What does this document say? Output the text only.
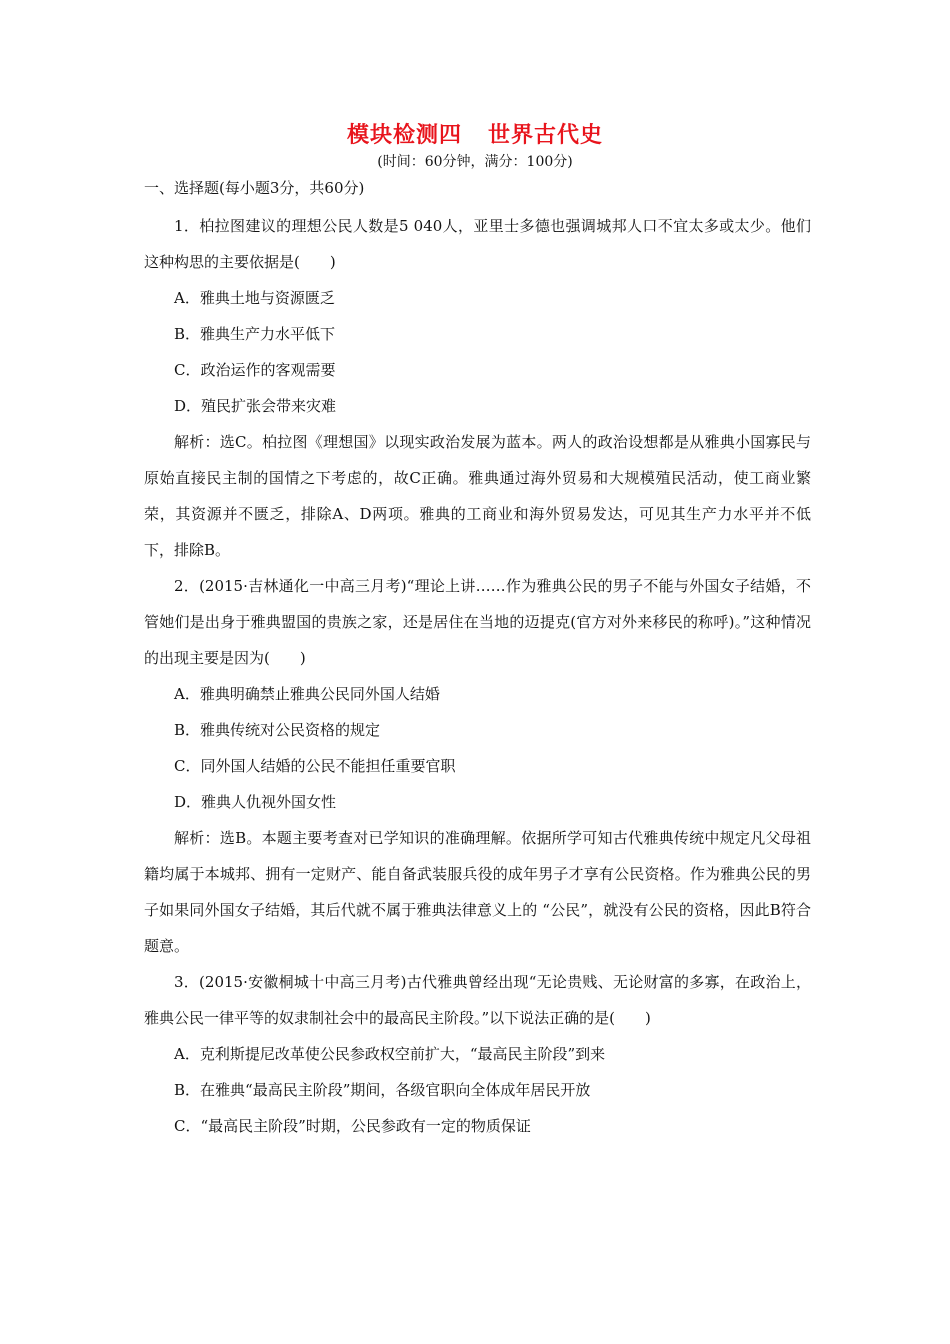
模块检测四 世界古代史
(时间：60分钟，满分：100分)
一、选择题(每小题3分，共60分)

1．柏拉图建议的理想公民人数是5 040人，亚里士多德也强调城邦人口不宜太多或太少。他们这种构思的主要依据是(　　)

A．雅典土地与资源匮乏

B．雅典生产力水平低下

C．政治运作的客观需要

D．殖民扩张会带来灾难

解析：选C。柏拉图《理想国》以现实政治发展为蓝本。两人的政治设想都是从雅典小国寡民与原始直接民主制的国情之下考虑的，故C正确。雅典通过海外贸易和大规模殖民活动，使工商业繁荣，其资源并不匮乏，排除A、D两项。雅典的工商业和海外贸易发达，可见其生产力水平并不低下，排除B。

2．(2015·吉林通化一中高三月考)“理论上讲……作为雅典公民的男子不能与外国女子结婚，不管她们是出身于雅典盟国的贵族之家，还是居住在当地的迈提克(官方对外来移民的称呼)。”这种情况的出现主要是因为(　　)

A．雅典明确禁止雅典公民同外国人结婚

B．雅典传统对公民资格的规定

C．同外国人结婚的公民不能担任重要官职

D．雅典人仇视外国女性

解析：选B。本题主要考查对已学知识的准确理解。依据所学可知古代雅典传统中规定凡父母祖籍均属于本城邦、拥有一定财产、能自备武装服兵役的成年男子才享有公民资格。作为雅典公民的男子如果同外国女子结婚，其后代就不属于雅典法律意义上的 “公民”，就没有公民的资格，因此B符合题意。

3．(2015·安徽桐城十中高三月考)古代雅典曾经出现“无论贵贱、无论财富的多寡，在政治上，雅典公民一律平等的奴隶制社会中的最高民主阶段。”以下说法正确的是(　　)

A．克利斯提尼改革使公民参政权空前扩大，“最高民主阶段”到来

B．在雅典“最高民主阶段”期间，各级官职向全体成年居民开放

C．“最高民主阶段”时期，公民参政有一定的物质保证
